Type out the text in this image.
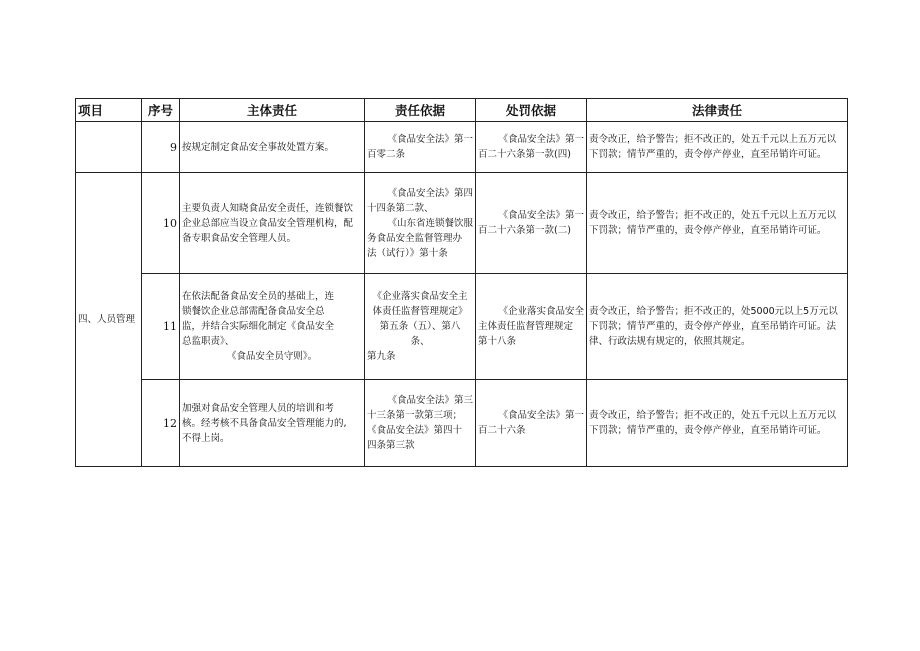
项目	序号	主体责任	责任依据	处罚依据	法律责任
	9	按规定制定食品安全事故处置方案。	《食品安全法》第一
百零二条	《食品安全法》第一
百二十六条第一款(四)	责令改正，给予警告；拒不改正的，处五千元以上五万元以下罚款；情节严重的，责令停产停业，直至吊销许可证。

四、人员管理	10	主要负责人知晓食品安全责任，连锁餐饮企业总部应当设立食品安全管理机构，配备专职食品安全管理人员。	《食品安全法》第四
十四条第二款、
《山东省连锁餐饮服
务食品安全监督管理办
法（试行）》第十条	《食品安全法》第一
百二十六条第一款(二)	责令改正，给予警告；拒不改正的，处五千元以上五万元以下罚款；情节严重的，责令停产停业，直至吊销许可证。

	11	在依法配备食品安全员的基础上，连
锁餐饮企业总部需配备食品安全总
监，并结合实际细化制定《食品安全
总监职责》、
《食品安全员守则》。	《企业落实食品安全主
体责任监督管理规定》
第五条（五）、第八
条、
第九条	《企业落实食品安全
主体责任监督管理规定
第十八条	责令改正，给予警告；拒不改正的，处5000元以上5万元以下罚款；情节严重的，责令停产停业，直至吊销许可证。法律、行政法规有规定的，依照其规定。

	12	加强对食品安全管理人员的培训和考
核。经考核不具备食品安全管理能力的,
不得上岗。	《食品安全法》第三
十三条第一款第三项；
《食品安全法》第四十
四条第三款	《食品安全法》第一
百二十六条	责令改正，给予警告；拒不改正的，处五千元以上五万元以下罚款；情节严重的，责令停产停业，直至吊销许可证。
